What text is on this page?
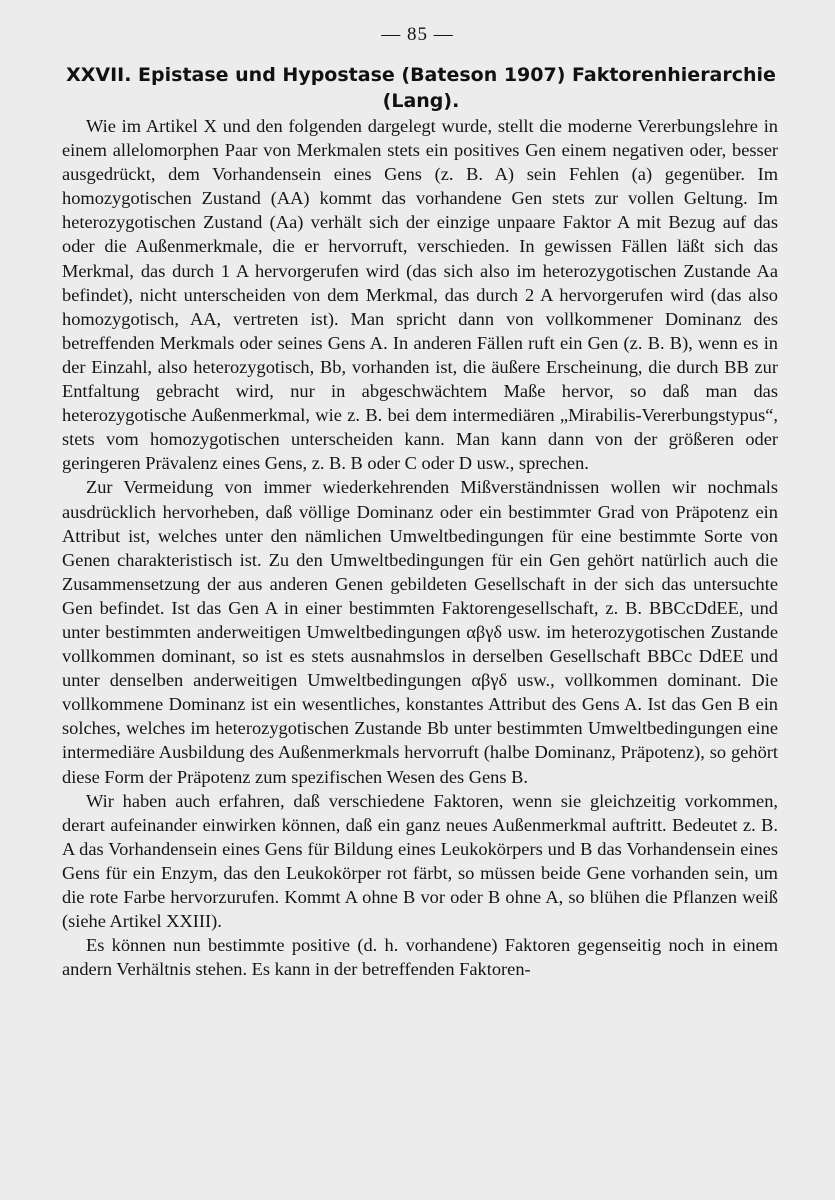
— 85 —
XXVII. Epistase und Hypostase (Bateson 1907) Faktorenhierarchie (Lang).

Wie im Artikel X und den folgenden dargelegt wurde, stellt die moderne Vererbungslehre in einem allelomorphen Paar von Merkmalen stets ein positives Gen einem negativen oder, besser ausgedrückt, dem Vorhandensein eines Gens (z. B. A) sein Fehlen (a) gegenüber. Im homozygotischen Zustand (AA) kommt das vorhandene Gen stets zur vollen Geltung. Im heterozygotischen Zustand (Aa) verhält sich der einzige unpaare Faktor A mit Bezug auf das oder die Außenmerkmale, die er hervorruft, verschieden. In gewissen Fällen läßt sich das Merkmal, das durch 1 A hervorgerufen wird (das sich also im heterozygotischen Zustande Aa befindet), nicht unterscheiden von dem Merkmal, das durch 2 A hervorgerufen wird (das also homozygotisch, AA, vertreten ist). Man spricht dann von vollkommener Dominanz des betreffenden Merkmals oder seines Gens A. In anderen Fällen ruft ein Gen (z. B. B), wenn es in der Einzahl, also heterozygotisch, Bb, vorhanden ist, die äußere Erscheinung, die durch BB zur Entfaltung gebracht wird, nur in abgeschwächtem Maße hervor, so daß man das heterozygotische Außenmerkmal, wie z. B. bei dem intermediären „Mirabilis-Vererbungstypus“, stets vom homozygotischen unterscheiden kann. Man kann dann von der größeren oder geringeren Prävalenz eines Gens, z. B. B oder C oder D usw., sprechen.

Zur Vermeidung von immer wiederkehrenden Mißverständnissen wollen wir nochmals ausdrücklich hervorheben, daß völlige Dominanz oder ein bestimmter Grad von Präpotenz ein Attribut ist, welches unter den nämlichen Umweltbedingungen für eine bestimmte Sorte von Genen charakteristisch ist. Zu den Umweltbedingungen für ein Gen gehört natürlich auch die Zusammensetzung der aus anderen Genen gebildeten Gesellschaft in der sich das untersuchte Gen befindet. Ist das Gen A in einer bestimmten Faktorengesellschaft, z. B. BBCcDdEE, und unter bestimmten anderweitigen Umweltbedingungen αβγδ usw. im heterozygotischen Zustande vollkommen dominant, so ist es stets ausnahmslos in derselben Gesellschaft BBCc DdEE und unter denselben anderweitigen Umweltbedingungen αβγδ usw., vollkommen dominant. Die vollkommene Dominanz ist ein wesentliches, konstantes Attribut des Gens A. Ist das Gen B ein solches, welches im heterozygotischen Zustande Bb unter bestimmten Umweltbedingungen eine intermediäre Ausbildung des Außenmerkmals hervorruft (halbe Dominanz, Präpotenz), so gehört diese Form der Präpotenz zum spezifischen Wesen des Gens B.

Wir haben auch erfahren, daß verschiedene Faktoren, wenn sie gleichzeitig vorkommen, derart aufeinander einwirken können, daß ein ganz neues Außenmerkmal auftritt. Bedeutet z. B. A das Vorhandensein eines Gens für Bildung eines Leukokörpers und B das Vorhandensein eines Gens für ein Enzym, das den Leukokörper rot färbt, so müssen beide Gene vorhanden sein, um die rote Farbe hervorzurufen. Kommt A ohne B vor oder B ohne A, so blühen die Pflanzen weiß (siehe Artikel XXIII).

Es können nun bestimmte positive (d. h. vorhandene) Faktoren gegenseitig noch in einem andern Verhältnis stehen. Es kann in der betreffenden Faktoren-
